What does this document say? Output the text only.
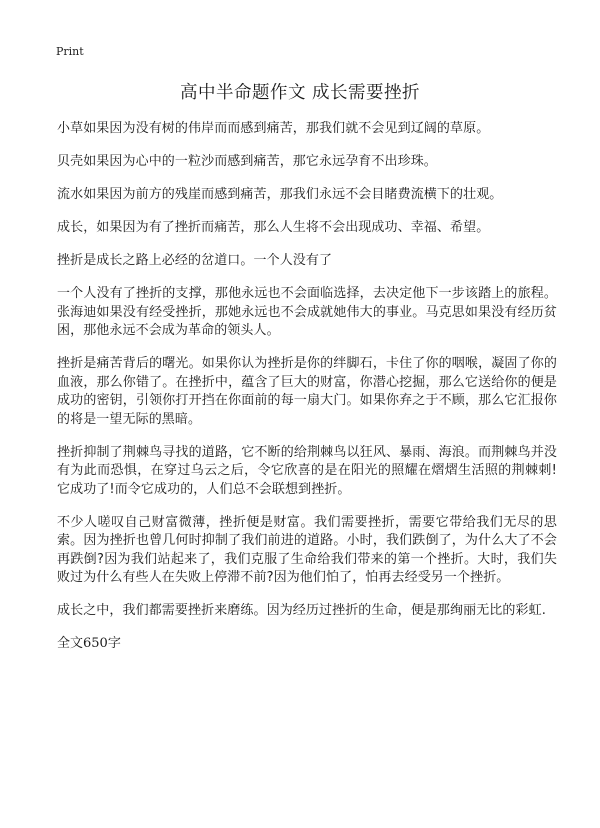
Print
高中半命题作文 成长需要挫折

小草如果因为没有树的伟岸而而感到痛苦，那我们就不会见到辽阔的草原。

贝壳如果因为心中的一粒沙而感到痛苦，那它永远孕育不出珍珠。

流水如果因为前方的残崖而感到痛苦，那我们永远不会目睹费流横下的壮观。

成长，如果因为有了挫折而痛苦，那么人生将不会出现成功、幸福、希望。

挫折是成长之路上必经的岔道口。一个人没有了

一个人没有了挫折的支撑，那他永远也不会面临选择，去决定他下一步该踏上的旅程。张海迪如果没有经受挫折，那她永远也不会成就她伟大的事业。马克思如果没有经历贫困，那他永远不会成为革命的领头人。

挫折是痛苦背后的曙光。如果你认为挫折是你的绊脚石，卡住了你的咽喉，凝固了你的血液，那么你错了。在挫折中，蕴含了巨大的财富，你潜心挖掘，那么它送给你的便是成功的密钥，引领你打开挡在你面前的每一扇大门。如果你弃之于不顾，那么它汇报你的将是一望无际的黑暗。

挫折抑制了荆棘鸟寻找的道路，它不断的给荆棘鸟以狂风、暴雨、海浪。而荆棘鸟并没有为此而恐惧，在穿过乌云之后，令它欣喜的是在阳光的照耀在熠熠生活照的荆棘刺!它成功了!而令它成功的，人们总不会联想到挫折。

不少人嗟叹自己财富微薄，挫折便是财富。我们需要挫折，需要它带给我们无尽的思索。因为挫折也曾几何时抑制了我们前进的道路。小时，我们跌倒了，为什么大了不会再跌倒?因为我们站起来了，我们克服了生命给我们带来的第一个挫折。大时，我们失败过为什么有些人在失败上停滞不前?因为他们怕了，怕再去经受另一个挫折。

成长之中，我们都需要挫折来磨练。因为经历过挫折的生命，便是那绚丽无比的彩虹.

全文650字
